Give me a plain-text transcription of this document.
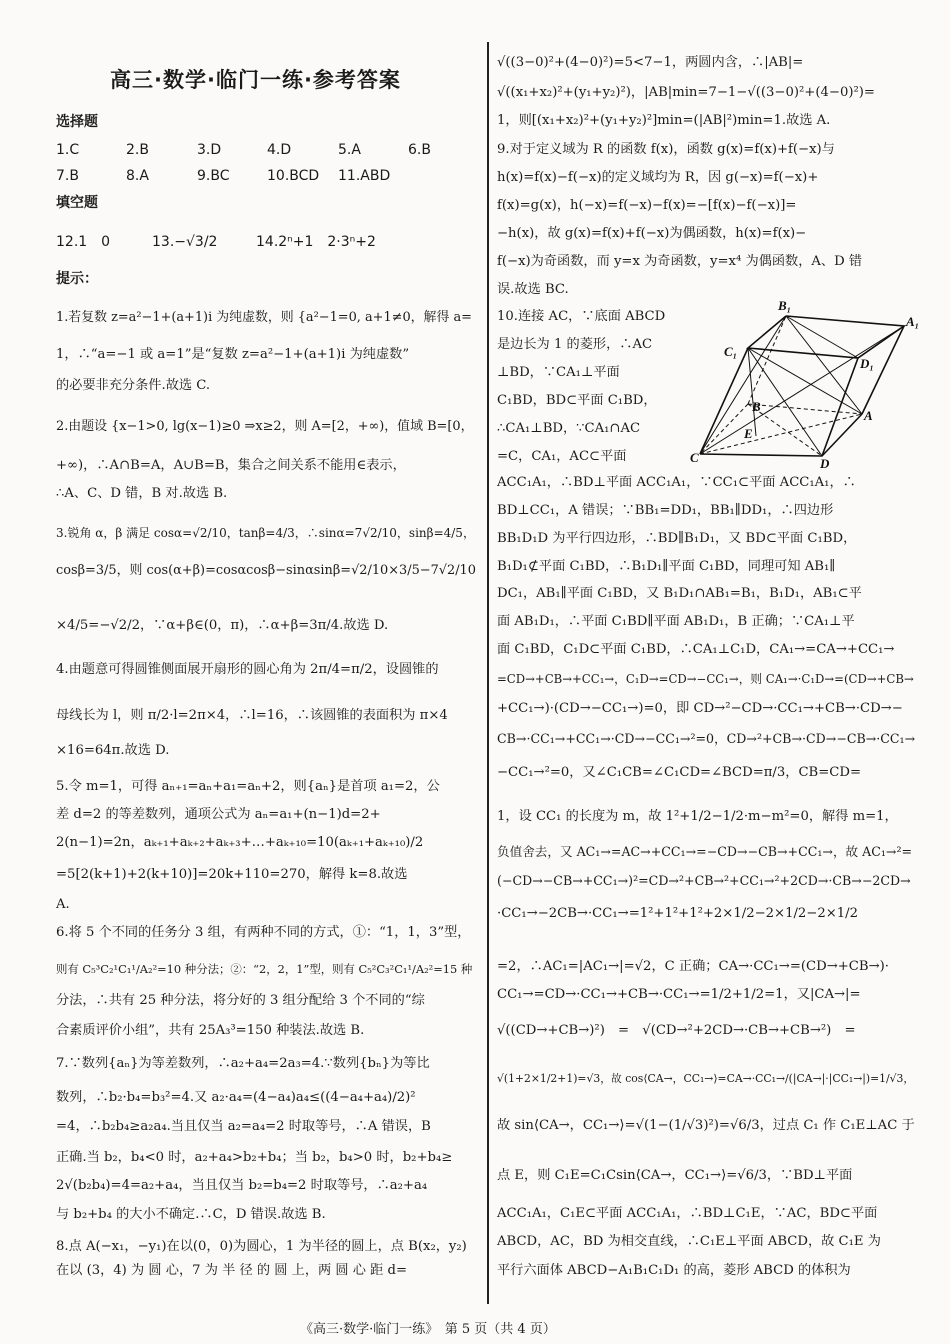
高三·数学·临门一练·参考答案
选择题
1.C	2.B	3.D	4.D	5.A	6.B
7.B	8.A	9.BC	10.BCD 11.ABD
填空题
12.1　0	13.−√3/2	14.2ⁿ+1　2·3ⁿ+2
提示：
1.若复数 z=a²−1+(a+1)i 为纯虚数，则 {a²−1=0, a+1≠0，解得 a=
1，∴“a=−1 或 a=1”是“复数 z=a²−1+(a+1)i 为纯虚数”
的必要非充分条件.故选 C.
2.由题设 {x−1>0, lg(x−1)≥0 ⇒x≥2，则 A=[2，+∞)，值域 B=[0，
+∞)，∴A∩B=A，A∪B=B，集合之间关系不能用∈表示，
∴A、C、D 错，B 对.故选 B.
3.锐角 α，β 满足 cosα=√2/10，tanβ=4/3，∴sinα=7√2/10，sinβ=4/5，
cosβ=3/5，则 cos(α+β)=cosαcosβ−sinαsinβ=√2/10×3/5−7√2/10
×4/5=−√2/2，∵α+β∈(0，π)，∴α+β=3π/4.故选 D.
4.由题意可得圆锥侧面展开扇形的圆心角为 2π/4=π/2，设圆锥的
母线长为 l，则 π/2·l=2π×4，∴l=16，∴该圆锥的表面积为 π×4
×16=64π.故选 D.
5.令 m=1，可得 aₙ₊₁=aₙ+a₁=aₙ+2，则{aₙ}是首项 a₁=2，公
差 d=2 的等差数列，通项公式为 aₙ=a₁+(n−1)d=2+
2(n−1)=2n，aₖ₊₁+aₖ₊₂+aₖ₊₃+…+aₖ₊₁₀=10(aₖ₊₁+aₖ₊₁₀)/2
=5[2(k+1)+2(k+10)]=20k+110=270，解得 k=8.故选
A.
6.将 5 个不同的任务分 3 组，有两种不同的方式，①：“1，1，3”型，
则有 C₅³C₂¹C₁¹/A₂²=10 种分法；②：“2，2，1”型，则有 C₅²C₃²C₁¹/A₂²=15 种
分法，∴共有 25 种分法，将分好的 3 组分配给 3 个不同的“综
合素质评价小组”，共有 25A₃³=150 种装法.故选 B.
7.∵数列{aₙ}为等差数列，∴a₂+a₄=2a₃=4.∵数列{bₙ}为等比
数列，∴b₂·b₄=b₃²=4.又 a₂·a₄=(4−a₄)a₄≤((4−a₄+a₄)/2)²
=4，∴b₂b₄≥a₂a₄.当且仅当 a₂=a₄=2 时取等号，∴A 错误，B
正确.当 b₂，b₄<0 时，a₂+a₄>b₂+b₄；当 b₂，b₄>0 时，b₂+b₄≥
2√(b₂b₄)=4=a₂+a₄，当且仅当 b₂=b₄=2 时取等号，∴a₂+a₄
与 b₂+b₄ 的大小不确定.∴C，D 错误.故选 B.
8.点 A(−x₁，−y₁)在以(0，0)为圆心，1 为半径的圆上，点 B(x₂，y₂)
在以 (3，4) 为 圆 心，7 为 半 径 的 圆 上，两 圆 心 距 d=
√((3−0)²+(4−0)²)=5<7−1，两圆内含，∴|AB|=
√((x₁+x₂)²+(y₁+y₂)²)，|AB|min=7−1−√((3−0)²+(4−0)²)=
1，则[(x₁+x₂)²+(y₁+y₂)²]min=(|AB|²)min=1.故选 A.
9.对于定义域为 R 的函数 f(x)，函数 g(x)=f(x)+f(−x)与
h(x)=f(x)−f(−x)的定义域均为 R，因 g(−x)=f(−x)+
f(x)=g(x)，h(−x)=f(−x)−f(x)=−[f(x)−f(−x)]=
−h(x)，故 g(x)=f(x)+f(−x)为偶函数，h(x)=f(x)−
f(−x)为奇函数，而 y=x 为奇函数，y=x⁴ 为偶函数，A、D 错
误.故选 BC.
10.连接 AC，∵底面 ABCD
是边长为 1 的菱形，∴AC
⊥BD，∵CA₁⊥平面
C₁BD，BD⊂平面 C₁BD，
∴CA₁⊥BD，∵CA₁∩AC
=C，CA₁，AC⊂平面
ACC₁A₁，∴BD⊥平面 ACC₁A₁，∵CC₁⊂平面 ACC₁A₁，∴
BD⊥CC₁，A 错误；∵BB₁=DD₁，BB₁∥DD₁，∴四边形
BB₁D₁D 为平行四边形，∴BD∥B₁D₁，又 BD⊂平面 C₁BD，
B₁D₁⊄平面 C₁BD，∴B₁D₁∥平面 C₁BD，同理可知 AB₁∥
DC₁，AB₁∥平面 C₁BD，又 B₁D₁∩AB₁=B₁，B₁D₁，AB₁⊂平
面 AB₁D₁，∴平面 C₁BD∥平面 AB₁D₁，B 正确；∵CA₁⊥平
面 C₁BD，C₁D⊂平面 C₁BD，∴CA₁⊥C₁D，CA₁→=CA→+CC₁→
=CD→+CB→+CC₁→，C₁D→=CD→−CC₁→，则 CA₁→·C₁D→=(CD→+CB→
+CC₁→)·(CD→−CC₁→)=0，即 CD→²−CD→·CC₁→+CB→·CD→−
CB→·CC₁→+CC₁→·CD→−CC₁→²=0，CD→²+CB→·CD→−CB→·CC₁→
−CC₁→²=0，又∠C₁CB=∠C₁CD=∠BCD=π/3，CB=CD=
1，设 CC₁ 的长度为 m，故 1²+1/2−1/2·m−m²=0，解得 m=1，
负值舍去，又 AC₁→=AC→+CC₁→=−CD→−CB→+CC₁→，故 AC₁→²=
(−CD→−CB→+CC₁→)²=CD→²+CB→²+CC₁→²+2CD→·CB→−2CD→
·CC₁→−2CB→·CC₁→=1²+1²+1²+2×1/2−2×1/2−2×1/2
=2，∴AC₁=|AC₁→|=√2，C 正确；CA→·CC₁→=(CD→+CB→)·
CC₁→=CD→·CC₁→+CB→·CC₁→=1/2+1/2=1，又|CA→|=
√((CD→+CB→)²)　=　√(CD→²+2CD→·CB→+CB→²)　=
√(1+2×1/2+1)=√3，故 cos⟨CA→，CC₁→⟩=CA→·CC₁→/(|CA→|·|CC₁→|)=1/√3，
故 sin⟨CA→，CC₁→⟩=√(1−(1/√3)²)=√6/3，过点 C₁ 作 C₁E⊥AC 于
点 E，则 C₁E=C₁Csin⟨CA→，CC₁→⟩=√6/3，∵BD⊥平面
ACC₁A₁，C₁E⊂平面 ACC₁A₁，∴BD⊥C₁E，∵AC，BD⊂平面
ABCD，AC，BD 为相交直线，∴C₁E⊥平面 ABCD，故 C₁E 为
平行六面体 ABCD−A₁B₁C₁D₁ 的高，菱形 ABCD 的体积为
B₁
A₁
C₁
D₁
B
A
E
C	D
《高三·数学·临门一练》　第 5 页（共 4 页）
